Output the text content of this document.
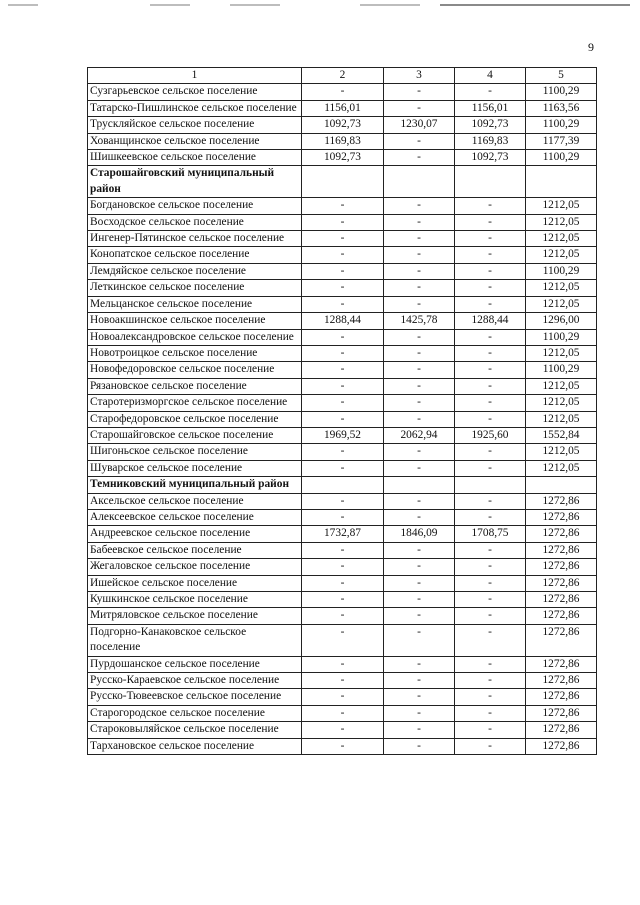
9
1	2	3	4	5
Сузгарьевское сельское поселение	-	-	-	1100,29
Татарско-Пишлинское сельское поселение	1156,01	-	1156,01	1163,56
Трускляйское сельское поселение	1092,73	1230,07	1092,73	1100,29
Хованщинское сельское поселение	1169,83	-	1169,83	1177,39
Шишкеевское сельское поселение	1092,73	-	1092,73	1100,29
Старошайговский муниципальный район				
Богдановское сельское поселение	-	-	-	1212,05
Восходское сельское поселение	-	-	-	1212,05
Ингенер-Пятинское сельское поселение	-	-	-	1212,05
Конопатское сельское поселение	-	-	-	1212,05
Лемдяйское сельское поселение	-	-	-	1100,29
Леткинское сельское поселение	-	-	-	1212,05
Мельцанское сельское поселение	-	-	-	1212,05
Новоакшинское сельское поселение	1288,44	1425,78	1288,44	1296,00
Новоалександровское сельское поселение	-	-	-	1100,29
Новотроицкое сельское поселение	-	-	-	1212,05
Новофедоровское сельское поселение	-	-	-	1100,29
Рязановское сельское поселение	-	-	-	1212,05
Старотеризморгское сельское поселение	-	-	-	1212,05
Старофедоровское сельское поселение	-	-	-	1212,05
Старошайговское сельское поселение	1969,52	2062,94	1925,60	1552,84
Шигоньское сельское поселение	-	-	-	1212,05
Шуварское сельское поселение	-	-	-	1212,05
Темниковский муниципальный район				
Аксельское сельское поселение	-	-	-	1272,86
Алексеевское сельское поселение	-	-	-	1272,86
Андреевское сельское поселение	1732,87	1846,09	1708,75	1272,86
Бабеевское сельское поселение	-	-	-	1272,86
Жегаловское сельское поселение	-	-	-	1272,86
Ишейское сельское поселение	-	-	-	1272,86
Кушкинское сельское поселение	-	-	-	1272,86
Митряловское сельское поселение	-	-	-	1272,86
Подгорно-Канаковское сельское поселение	-	-	-	1272,86
Пурдошанское сельское поселение	-	-	-	1272,86
Русско-Караевское сельское поселение	-	-	-	1272,86
Русско-Тювеевское сельское поселение	-	-	-	1272,86
Старогородское сельское поселение	-	-	-	1272,86
Староковыляйское сельское поселение	-	-	-	1272,86
Тархановское сельское поселение	-	-	-	1272,86
